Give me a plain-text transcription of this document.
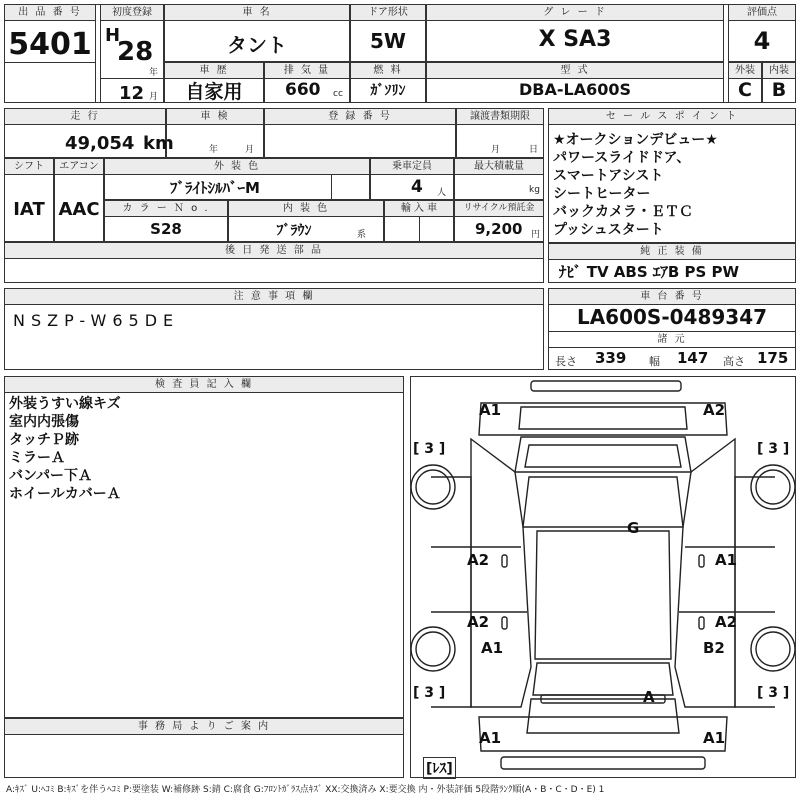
出 品 番 号
5401
初度登録
H
28
年
12 月
車 名
タント
ドア形状
5W
グ レ ー ド
X SA3
評価点
4
車 歴
自家用
排 気 量
660 cc
燃 料
ｶﾞｿﾘﾝ
型 式
DBA-LA600S
外装
C
内装
B
走 行
49,054 km
車 検
年	月
登 録 番 号	譲渡書類期限
月	日
シフト
IAT
エアコン
AAC
外 装 色
ﾌﾞﾗｲﾄｼﾙﾊﾞｰM
乗車定員
4 人
最大積載量
kg
カ ラ ー Ｎ o .
S28
内 装 色
ﾌﾞﾗｳﾝ	系
輸 入 車	リサイクル預託金
9,200 円
後 日 発 送 部 品
セ ー ル ス ポ イ ン ト
★オークションデビュー★
パワースライドドア、
スマートアシスト
シートヒーター
バックカメラ・ＥＴＣ
プッシュスタート
純 正 装 備
ﾅﾋﾞ TV ABS ｴｱB PS PW
注 意 事 項 欄
NSZP-W65DE
車 台 番 号
LA600S-0489347
諸 元
長さ 339 幅 147 高さ 175
検 査 員 記 入 欄
外装うすい線キズ
室内内張傷
タッチＰ跡
ミラーＡ
バンパー下Ａ
ホイールカバーＡ
事 務 局 よ り ご 案 内
A1	A2
G
A2
A2
A1
A1
A2
B2
A
A1	A1
[ 3 ]	[ 3 ]
[ 3 ]	[ 3 ]
[ﾚｽ]
A:ｷｽﾞ U:ﾍｺﾐ B:ｷｽﾞを伴うﾍｺﾐ P:要塗装 W:補修跡 S:錆 C:腐食 G:ﾌﾛﾝﾄｶﾞﾗｽ点ｷｽﾞ XX:交換済み X:要交換 内・外装評価 5段階ﾗﾝｸ順(A・B・C・D・E) 1
